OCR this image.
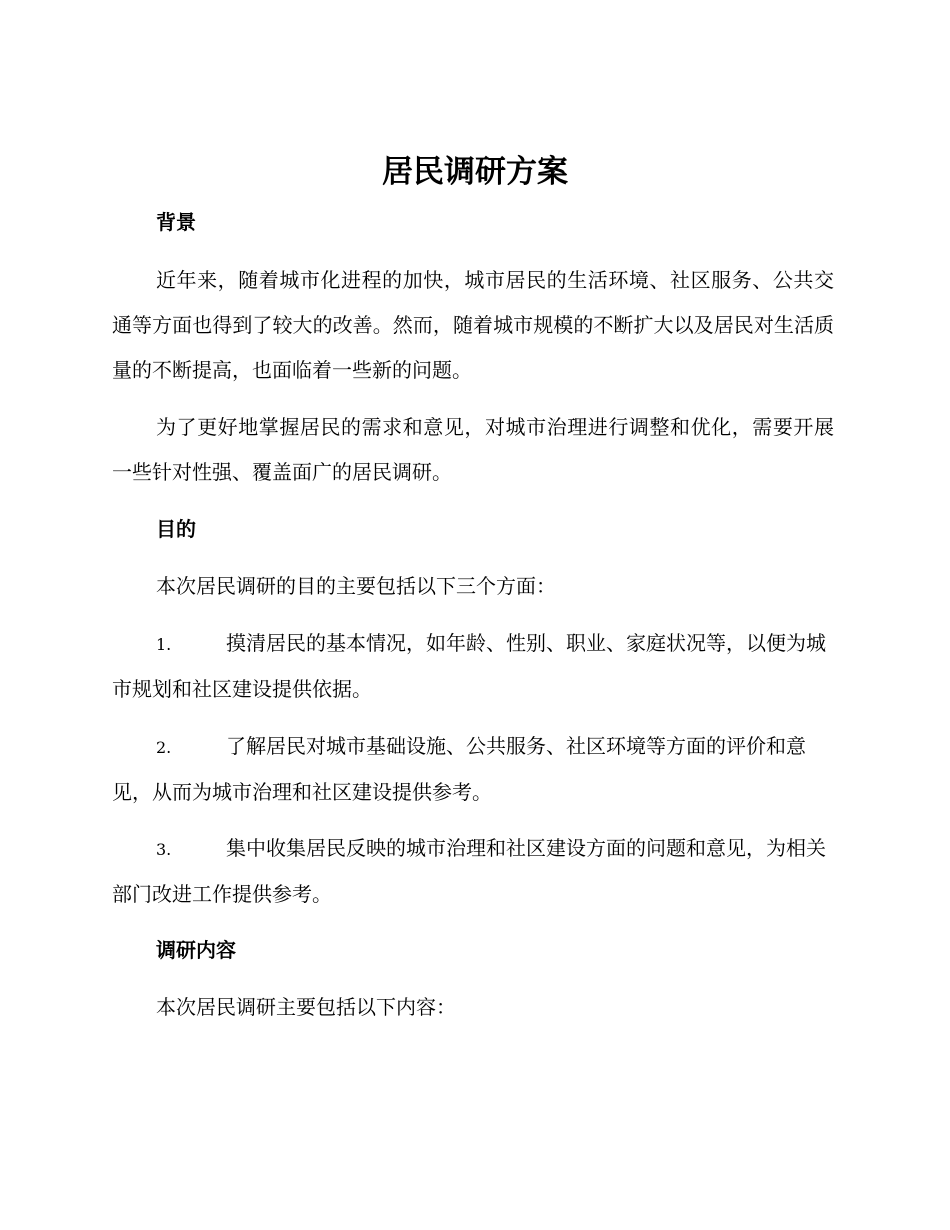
居民调研方案
背景

近年来，随着城市化进程的加快，城市居民的生活环境、社区服务、公共交通等方面也得到了较大的改善。然而，随着城市规模的不断扩大以及居民对生活质量的不断提高，也面临着一些新的问题。

为了更好地掌握居民的需求和意见，对城市治理进行调整和优化，需要开展一些针对性强、覆盖面广的居民调研。

目的

本次居民调研的目的主要包括以下三个方面：

1.	摸清居民的基本情况，如年龄、性别、职业、家庭状况等，以便为城市规划和社区建设提供依据。

2.	了解居民对城市基础设施、公共服务、社区环境等方面的评价和意见，从而为城市治理和社区建设提供参考。

3.	集中收集居民反映的城市治理和社区建设方面的问题和意见，为相关部门改进工作提供参考。

调研内容

本次居民调研主要包括以下内容：
